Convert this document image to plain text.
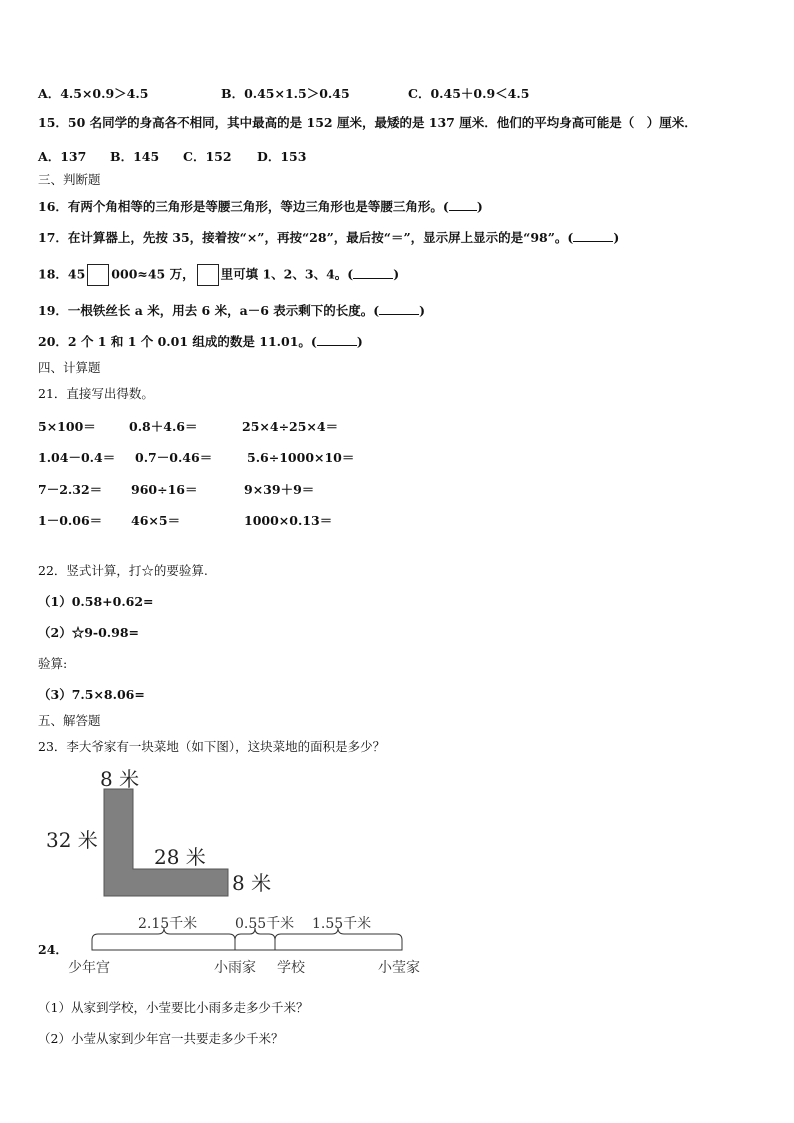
A．4.5×0.9＞4.5	B．0.45×1.5＞0.45	C．0.45＋0.9＜4.5
15．50 名同学的身高各不相同，其中最高的是 152 厘米，最矮的是 137 厘米．他们的平均身高可能是（　）厘米．
A．137 B．145 C．152 D．153
三、判断题
16．有两个角相等的三角形是等腰三角形，等边三角形也是等腰三角形。( )
17．在计算器上，先按 35，接着按“×”，再按“28”，最后按“＝”，显示屏上显示的是“98”。(	)
18．45 000≈45 万， 里可填 1、2、3、4。(	)
19．一根铁丝长 a 米，用去 6 米，a－6 表示剩下的长度。(	)
20．2 个 1 和 1 个 0.01 组成的数是 11.01。(	)
四、计算题
21．直接写出得数。
5×100＝	0.8＋4.6＝	25×4÷25×4＝
1.04－0.4＝ 0.7－0.46＝	5.6÷1000×10＝
7－2.32＝ 960÷16＝	9×39＋9＝
1－0.06＝ 46×5＝	1000×0.13＝
22．竖式计算，打☆的要验算.
（1）0.58+0.62=
（2）☆9-0.98=
验算:
（3）7.5×8.06=
五、解答题
23．李大爷家有一块菜地（如下图），这块菜地的面积是多少？
8 米
32 米
28 米
8 米
24．
2.15千米	0.55千米 1.55千米
少年宫	小雨家 学校	小莹家
（1）从家到学校，小莹要比小雨多走多少千米？
（2）小莹从家到少年宫一共要走多少千米？
